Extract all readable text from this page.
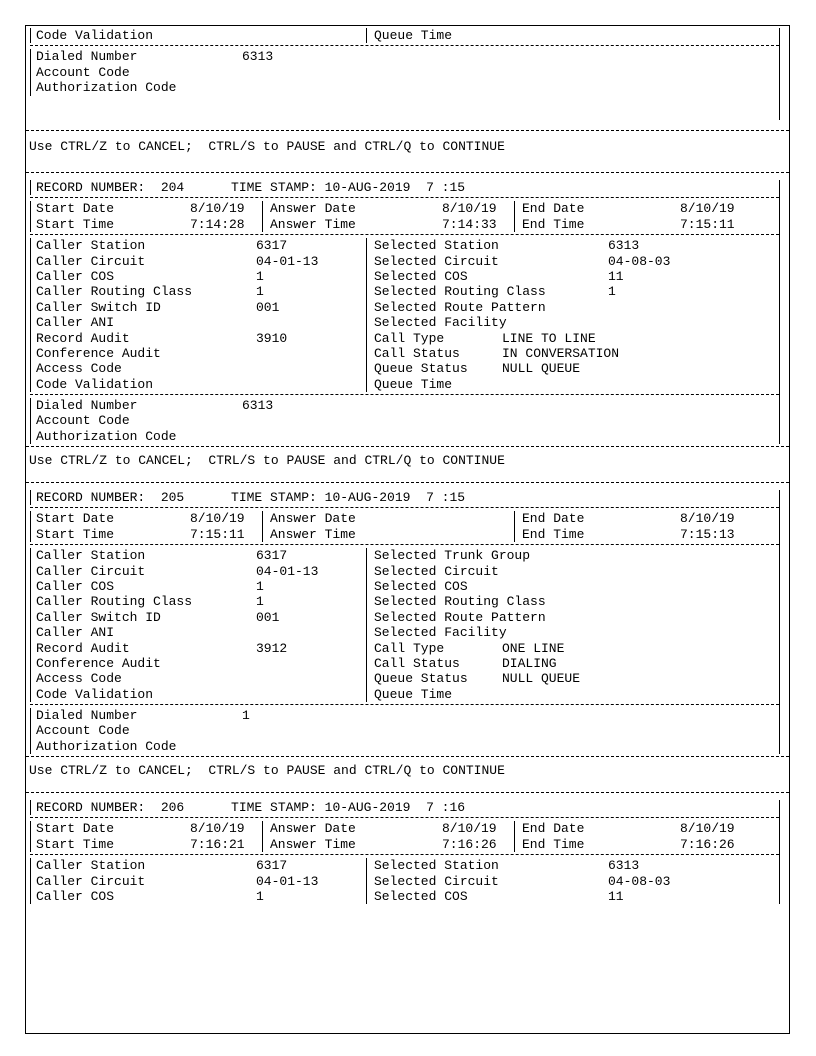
Code Validation	Queue Time
Dialed Number	6313
Account Code
Authorization Code
Use CTRL/Z to CANCEL;  CTRL/S to PAUSE and CTRL/Q to CONTINUE
RECORD NUMBER:  204      TIME STAMP: 10-AUG-2019  7 :15
Start Date	8/10/19 Answer Date	8/10/19 End Date	8/10/19
Start Time	7:14:28 Answer Time	7:14:33 End Time	7:15:11
Caller Station	6317	Selected Station	6313
Caller Circuit	04-01-13	Selected Circuit	04-08-03
Caller COS	1	Selected COS	11
Caller Routing Class	1	Selected Routing Class	1
Caller Switch ID	001	Selected Route Pattern
Caller ANI	Selected Facility
Record Audit	3910	Call Type	LINE TO LINE
Conference Audit	Call Status	IN CONVERSATION
Access Code	Queue Status	NULL QUEUE
Code Validation	Queue Time
Dialed Number	6313
Account Code
Authorization Code
Use CTRL/Z to CANCEL;  CTRL/S to PAUSE and CTRL/Q to CONTINUE
RECORD NUMBER:  205      TIME STAMP: 10-AUG-2019  7 :15
Start Date	8/10/19 Answer Date	End Date	8/10/19
Start Time	7:15:11 Answer Time	End Time	7:15:13
Caller Station	6317	Selected Trunk Group
Caller Circuit	04-01-13	Selected Circuit
Caller COS	1	Selected COS
Caller Routing Class	1	Selected Routing Class
Caller Switch ID	001	Selected Route Pattern
Caller ANI	Selected Facility
Record Audit	3912	Call Type	ONE LINE
Conference Audit	Call Status	DIALING
Access Code	Queue Status	NULL QUEUE
Code Validation	Queue Time
Dialed Number	1
Account Code
Authorization Code
Use CTRL/Z to CANCEL;  CTRL/S to PAUSE and CTRL/Q to CONTINUE
RECORD NUMBER:  206      TIME STAMP: 10-AUG-2019  7 :16
Start Date	8/10/19 Answer Date	8/10/19 End Date	8/10/19
Start Time	7:16:21 Answer Time	7:16:26 End Time	7:16:26
Caller Station	6317	Selected Station	6313
Caller Circuit	04-01-13	Selected Circuit	04-08-03
Caller COS	1	Selected COS	11
